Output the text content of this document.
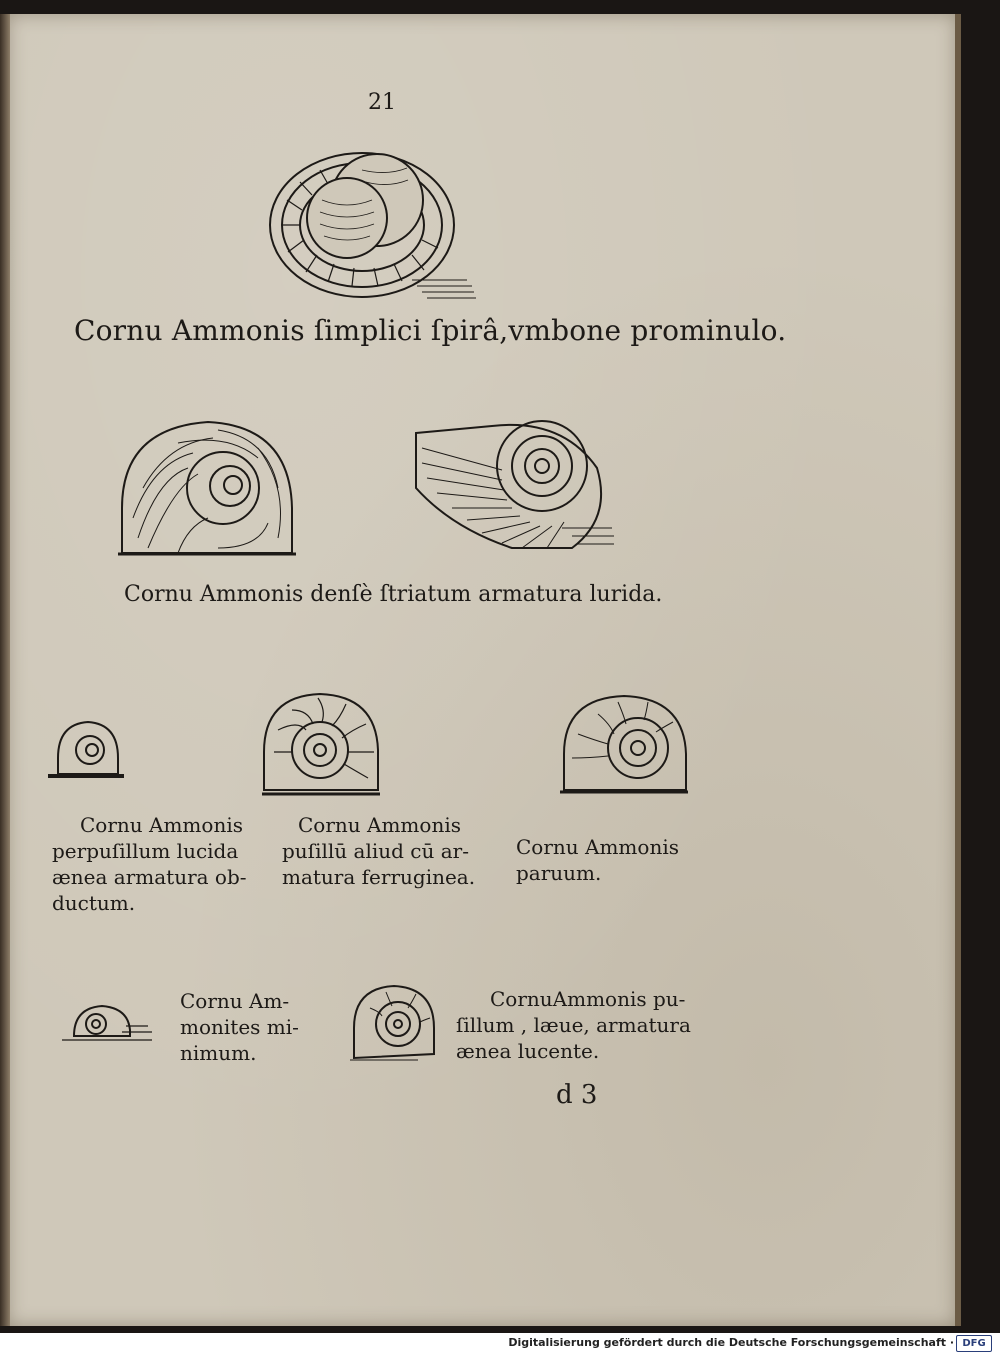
21
Cornu Ammonis ſimplici ſpirâ,vmbone prominulo.
Cornu Ammonis denſè ſtriatum armatura lurida.
Cornu Ammonis
perpuſillum lucida
ænea armatura ob-
ductum.
Cornu Ammonis
puſillū aliud cū ar-
matura ferruginea.
Cornu Ammonis
paruum.
Cornu Am-
monites mi-
nimum.
CornuAmmonis pu-
ſillum , læue, armatura
ænea lucente.
d 3
Digitalisierung gefördert durch die Deutsche Forschungsgemeinschaft · DFG
